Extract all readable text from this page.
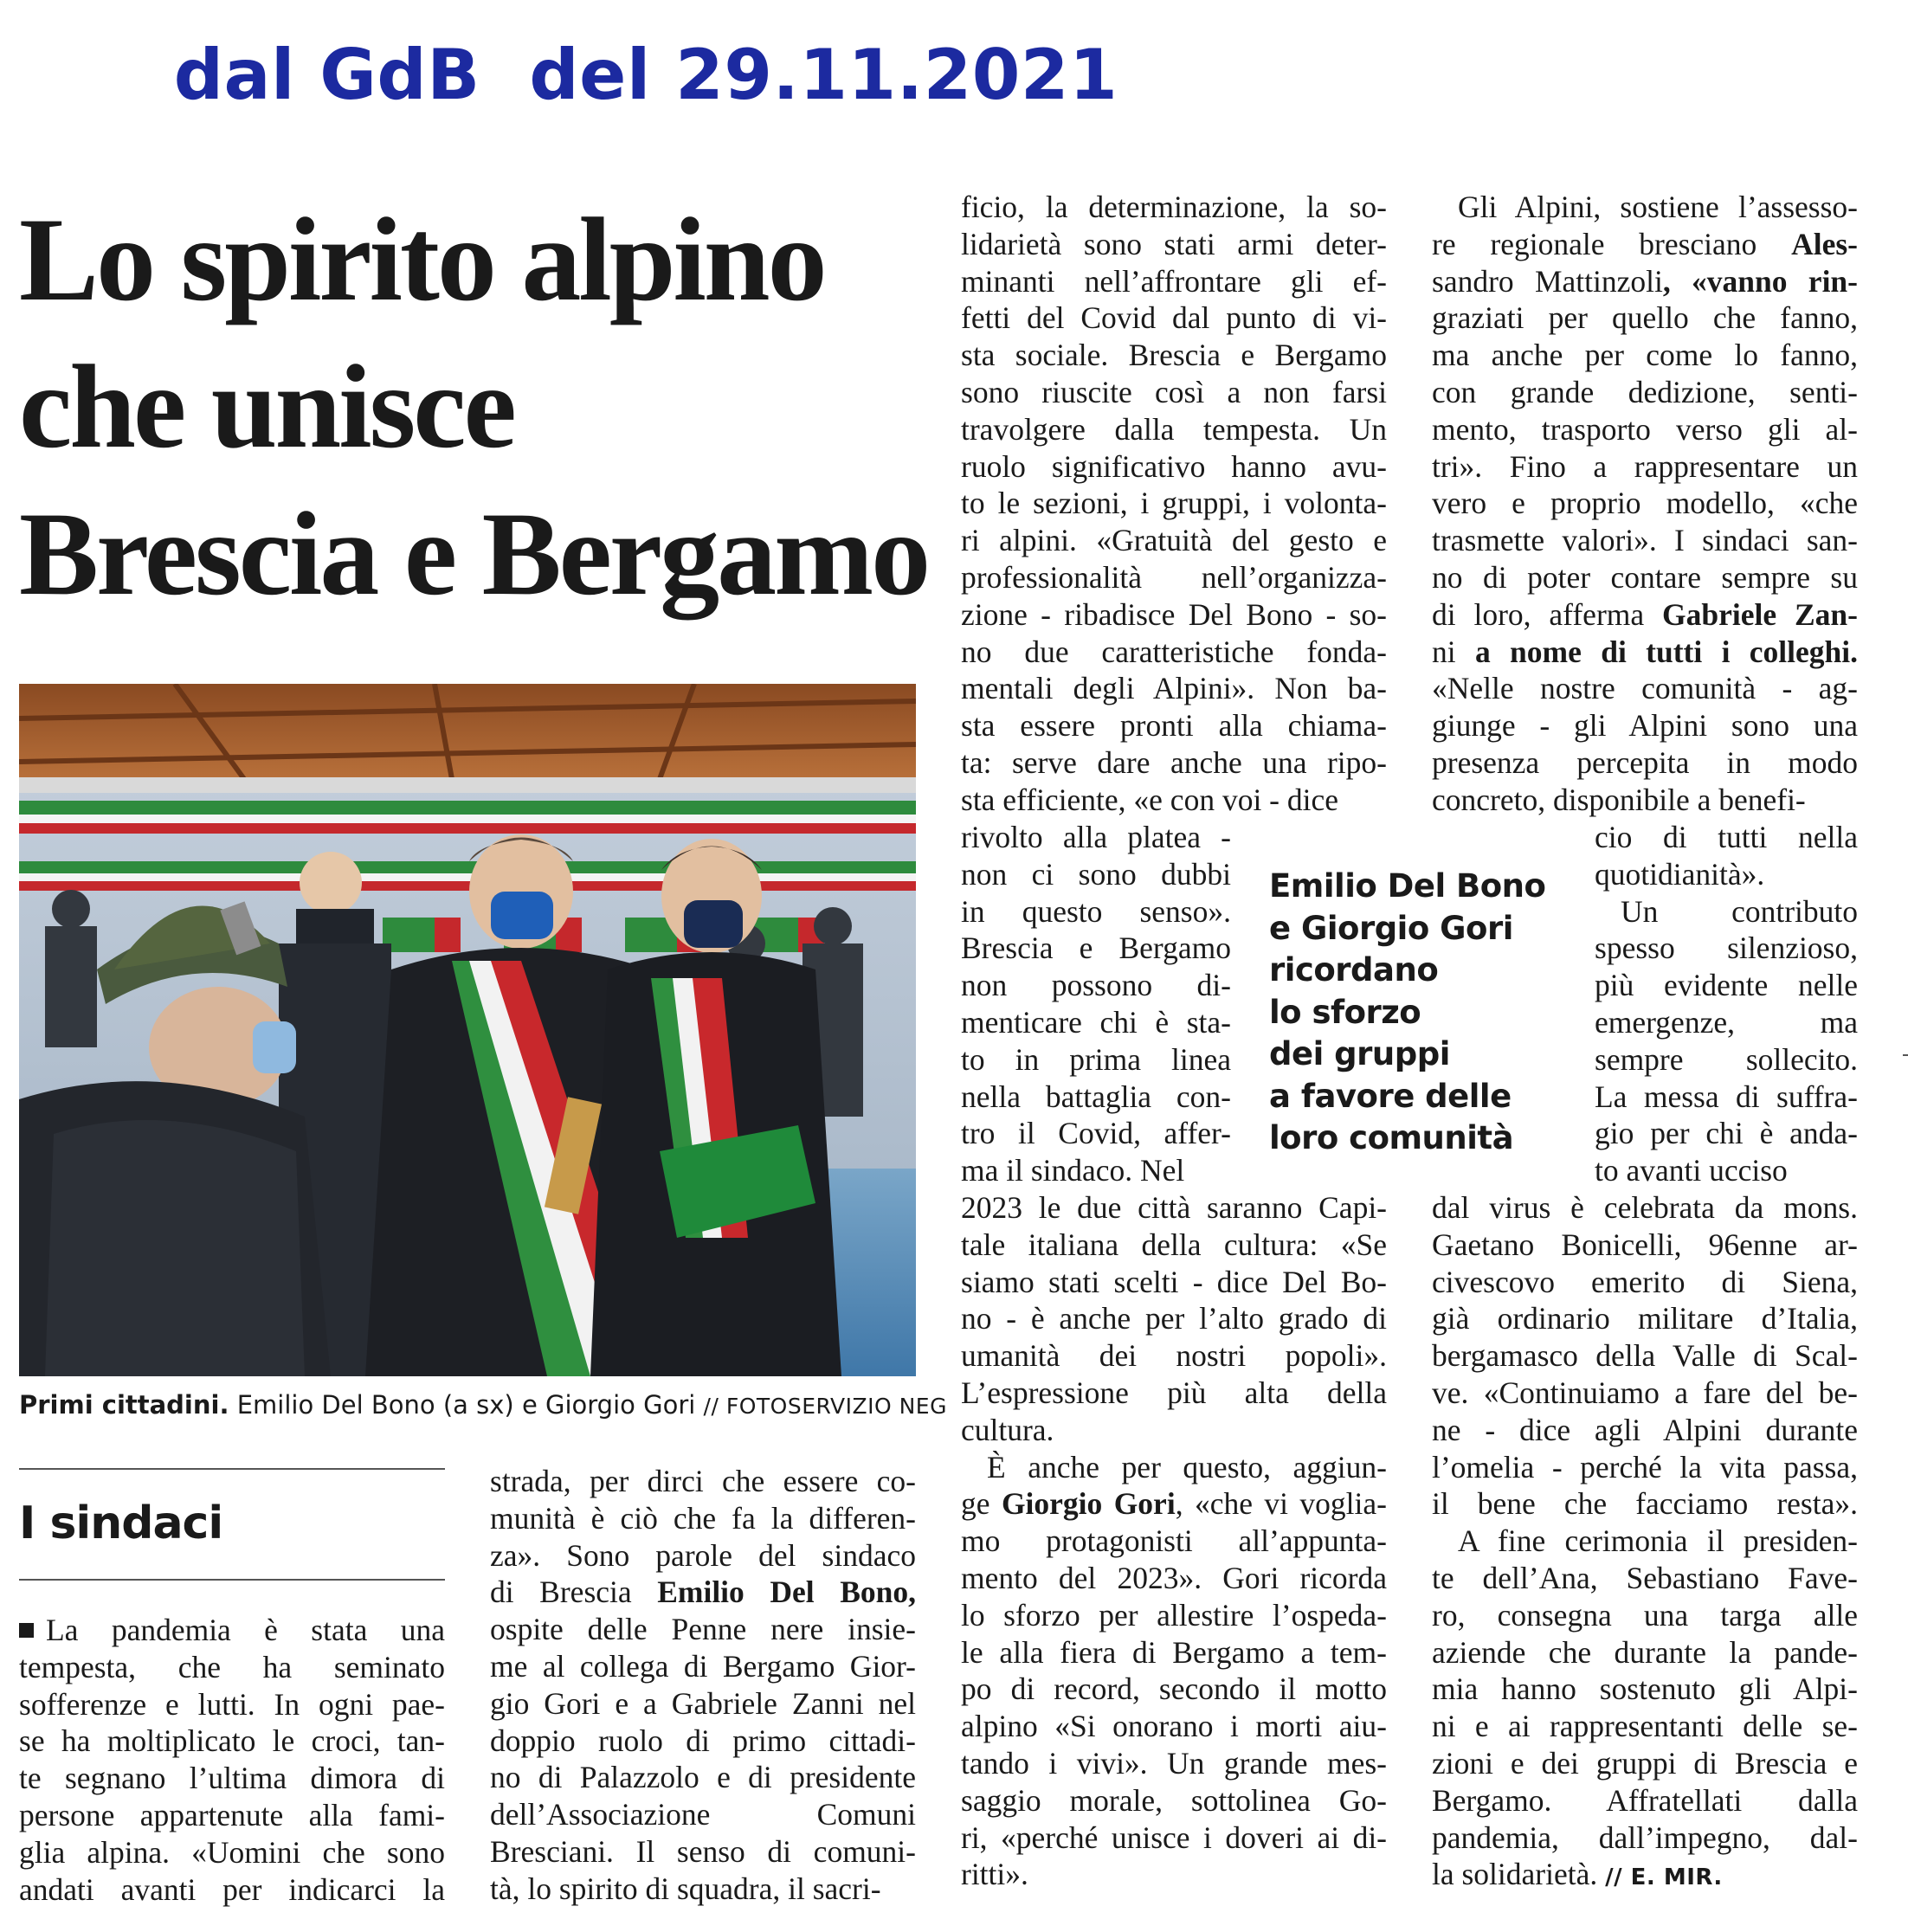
dal GdB  del 29.11.2021
Lo spirito alpino
che unisce
Brescia e Bergamo
Primi cittadini. Emilio Del Bono (a sx) e Giorgio Gori // FOTOSERVIZIO NEG
I sindaci
La pandemia è stata una
tempesta, che ha seminato
sofferenze e lutti. In ogni pae-
se ha moltiplicato le croci, tan-
te segnano l’ultima dimora di
persone appartenute alla fami-
glia alpina. «Uomini che sono
andati avanti per indicarci la
strada, per dirci che essere co-
munità è ciò che fa la differen-
za». Sono parole del sindaco
di Brescia Emilio Del Bono,
ospite delle Penne nere insie-
me al collega di Bergamo Gior-
gio Gori e a Gabriele Zanni nel
doppio ruolo di primo cittadi-
no di Palazzolo e di presidente
dell’Associazione    Comuni
Bresciani. Il senso di comuni-
tà, lo spirito di squadra, il sacri-
ficio, la determinazione, la so-
lidarietà sono stati armi deter-
minanti nell’affrontare gli ef-
fetti del Covid dal punto di vi-
sta sociale. Brescia e Bergamo
sono riuscite così a non farsi
travolgere dalla tempesta. Un
ruolo significativo hanno avu-
to le sezioni, i gruppi, i volonta-
ri alpini. «Gratuità del gesto e
professionalità nell’organizza-
zione - ribadisce Del Bono - so-
no due caratteristiche fonda-
mentali degli Alpini». Non ba-
sta essere pronti alla chiama-
ta: serve dare anche una ripo-
sta efficiente, «e con voi - dice
rivolto alla platea -
non ci sono dubbi
in questo senso».
Brescia e Bergamo
non possono di-
menticare chi è sta-
to in prima linea
nella battaglia con-
tro il Covid, affer-
ma il sindaco. Nel
2023 le due città saranno Capi-
tale italiana della cultura: «Se
siamo stati scelti - dice Del Bo-
no - è anche per l’alto grado di
umanità dei nostri popoli».
L’espressione più alta della
cultura.
È anche per questo, aggiun-
ge Giorgio Gori, «che vi voglia-
mo protagonisti all’appunta-
mento del 2023». Gori ricorda
lo sforzo per allestire l’ospeda-
le alla fiera di Bergamo a tem-
po di record, secondo il motto
alpino «Si onorano i morti aiu-
tando i vivi». Un grande mes-
saggio morale, sottolinea Go-
ri, «perché unisce i doveri ai di-
ritti».
Emilio Del Bono
e Giorgio Gori
ricordano
lo sforzo
dei gruppi
a favore delle
loro comunità
Gli Alpini, sostiene l’assesso-
re regionale bresciano Ales-
sandro Mattinzoli, «vanno rin-
graziati per quello che fanno,
ma anche per come lo fanno,
con grande dedizione, senti-
mento, trasporto verso gli al-
tri». Fino a rappresentare un
vero e proprio modello, «che
trasmette valori». I sindaci san-
no di poter contare sempre su
di loro, afferma Gabriele Zan-
ni a nome di tutti i colleghi.
«Nelle nostre comunità - ag-
giunge - gli Alpini sono una
presenza percepita in modo
concreto, disponibile a benefi-
cio di tutti nella
quotidianità».
Un   contributo
spesso silenzioso,
più evidente nelle
emergenze,    ma
sempre sollecito.
La messa di suffra-
gio per chi è anda-
to avanti ucciso
dal virus è celebrata da mons.
Gaetano Bonicelli, 96enne ar-
civescovo emerito di Siena,
già ordinario militare d’Italia,
bergamasco della Valle di Scal-
ve. «Continuiamo a fare del be-
ne - dice agli Alpini durante
l’omelia - perché la vita passa,
il bene che facciamo resta».
A fine cerimonia il presiden-
te dell’Ana, Sebastiano Fave-
ro, consegna una targa alle
aziende che durante la pande-
mia hanno sostenuto gli Alpi-
ni e ai rappresentanti delle se-
zioni e dei gruppi di Brescia e
Bergamo. Affratellati dalla
pandemia, dall’impegno, dal-
la solidarietà. // E. MIR.
